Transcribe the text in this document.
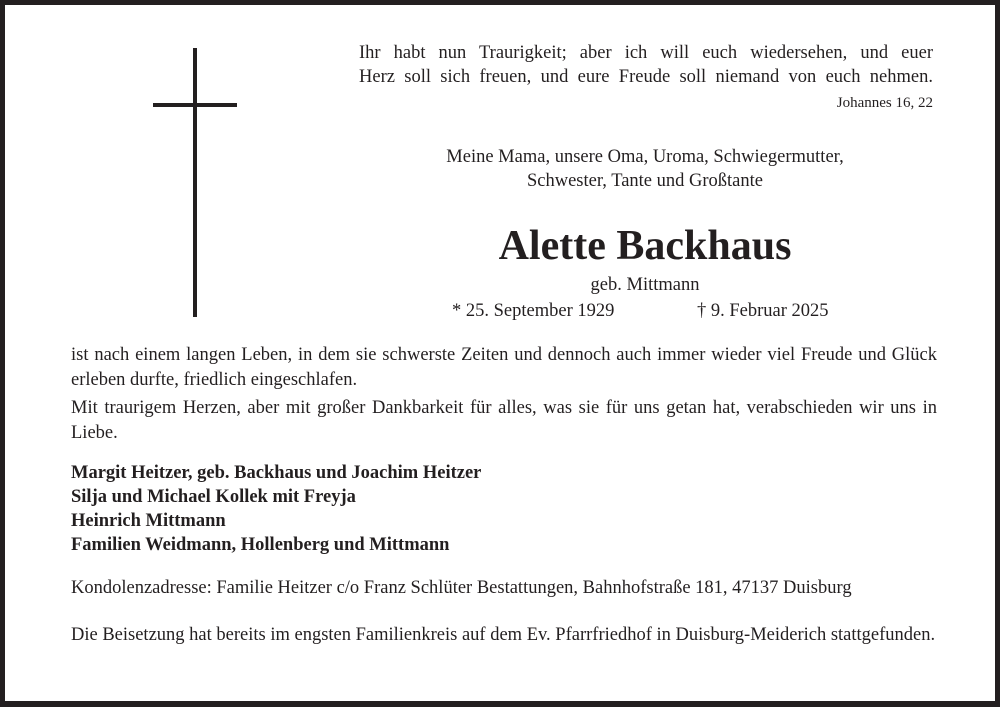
Ihr habt nun Traurigkeit; aber ich will euch wiedersehen, und euer
Herz soll sich freuen, und eure Freude soll niemand von euch nehmen.
Johannes 16, 22
Meine Mama, unsere Oma, Uroma, Schwiegermutter,
Schwester, Tante und Großtante
Alette Backhaus
geb. Mittmann
* 25. September 1929	† 9. Februar 2025
ist nach einem langen Leben, in dem sie schwerste Zeiten und dennoch auch immer wieder viel Freude und Glück erleben durfte, friedlich eingeschlafen.
Mit traurigem Herzen, aber mit großer Dankbarkeit für alles, was sie für uns getan hat, verabschieden wir uns in Liebe.
Margit Heitzer, geb. Backhaus und Joachim Heitzer
Silja und Michael Kollek mit Freyja
Heinrich Mittmann
Familien Weidmann, Hollenberg und Mittmann
Kondolenzadresse: Familie Heitzer c/o Franz Schlüter Bestattungen, Bahnhofstraße 181, 47137 Duisburg
Die Beisetzung hat bereits im engsten Familienkreis auf dem Ev. Pfarrfriedhof in Duisburg-Meiderich stattgefunden.
